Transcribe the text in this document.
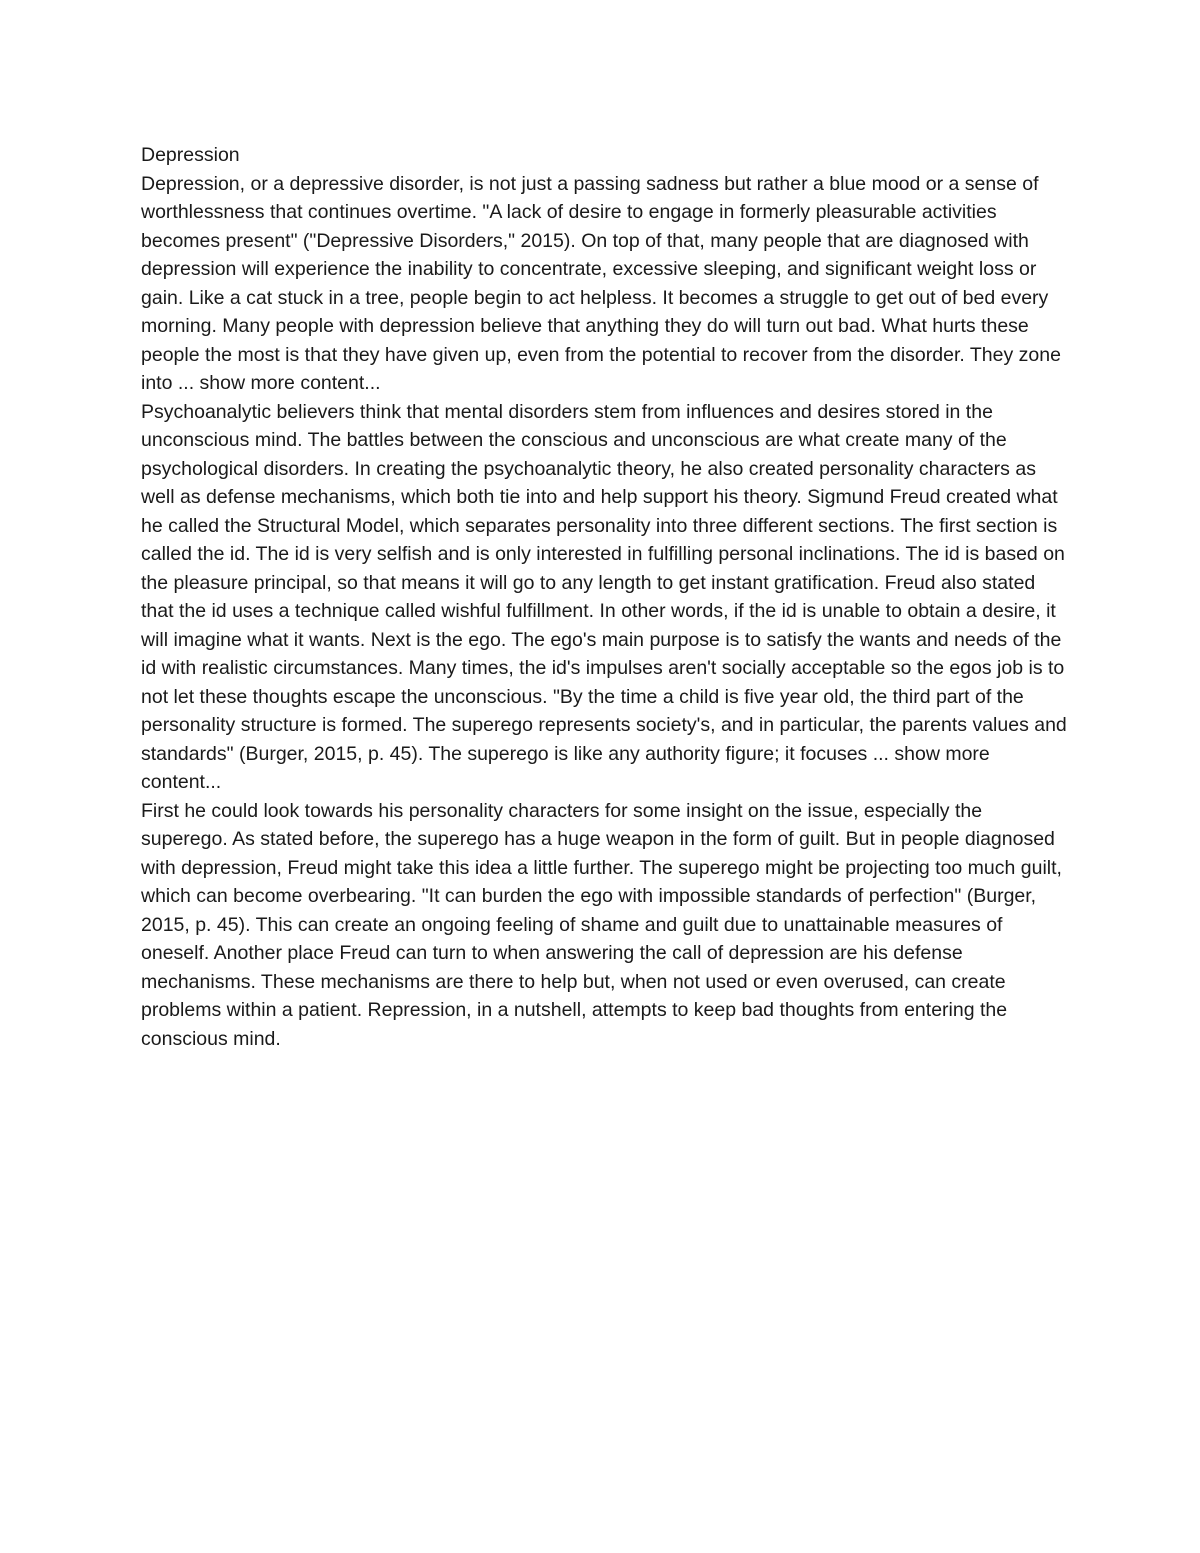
Depression

Depression, or a depressive disorder, is not just a passing sadness but rather a blue mood or a sense of worthlessness that continues overtime. "A lack of desire to engage in formerly pleasurable activities becomes present" ("Depressive Disorders," 2015). On top of that, many people that are diagnosed with depression will experience the inability to concentrate, excessive sleeping, and significant weight loss or gain. Like a cat stuck in a tree, people begin to act helpless. It becomes a struggle to get out of bed every morning. Many people with depression believe that anything they do will turn out bad. What hurts these people the most is that they have given up, even from the potential to recover from the disorder. They zone into ... show more content...

Psychoanalytic believers think that mental disorders stem from influences and desires stored in the unconscious mind. The battles between the conscious and unconscious are what create many of the psychological disorders. In creating the psychoanalytic theory, he also created personality characters as well as defense mechanisms, which both tie into and help support his theory. Sigmund Freud created what he called the Structural Model, which separates personality into three different sections. The first section is called the id. The id is very selfish and is only interested in fulfilling personal inclinations. The id is based on the pleasure principal, so that means it will go to any length to get instant gratification. Freud also stated that the id uses a technique called wishful fulfillment. In other words, if the id is unable to obtain a desire, it will imagine what it wants. Next is the ego. The ego's main purpose is to satisfy the wants and needs of the id with realistic circumstances. Many times, the id's impulses aren't socially acceptable so the egos job is to not let these thoughts escape the unconscious. "By the time a child is five year old, the third part of the personality structure is formed. The superego represents society's, and in particular, the parents values and standards" (Burger, 2015, p. 45). The superego is like any authority figure; it focuses ... show more content...

First he could look towards his personality characters for some insight on the issue, especially the superego. As stated before, the superego has a huge weapon in the form of guilt. But in people diagnosed with depression, Freud might take this idea a little further. The superego might be projecting too much guilt, which can become overbearing. "It can burden the ego with impossible standards of perfection" (Burger, 2015, p. 45). This can create an ongoing feeling of shame and guilt due to unattainable measures of oneself. Another place Freud can turn to when answering the call of depression are his defense mechanisms. These mechanisms are there to help but, when not used or even overused, can create problems within a patient. Repression, in a nutshell, attempts to keep bad thoughts from entering the conscious mind.
